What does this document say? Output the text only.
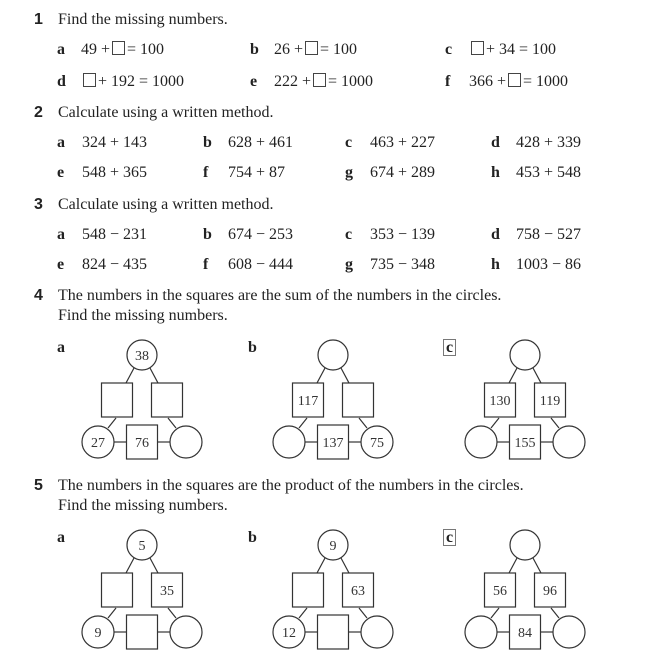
1 Find the missing numbers.
a 49 + = 100	b 26 + = 100	c	+ 34 = 100
d	+ 192 = 1000	e 222 + = 1000	f 366 + = 1000
2 Calculate using a written method.
3 Calculate using a written method.
a 324 + 143	b 628 + 461	c 463 + 227	d 428 + 339
e 548 + 365	f 754 + 87	g 674 + 289	h 453 + 548
a 548 − 231	b 674 − 253	c 353 − 139	d 758 − 527
e 824 − 435	f 608 − 444	g 735 − 348	h 1003 − 86
4 The numbers in the squares are the sum of the numbers in the circles.
Find the missing numbers.
5 The numbers in the squares are the product of the numbers in the circles.
Find the missing numbers.
a
38
27 76
b
117
137 75
c
130 119
155
a
5
35
9
b
9
63
12
c
56	96
84
